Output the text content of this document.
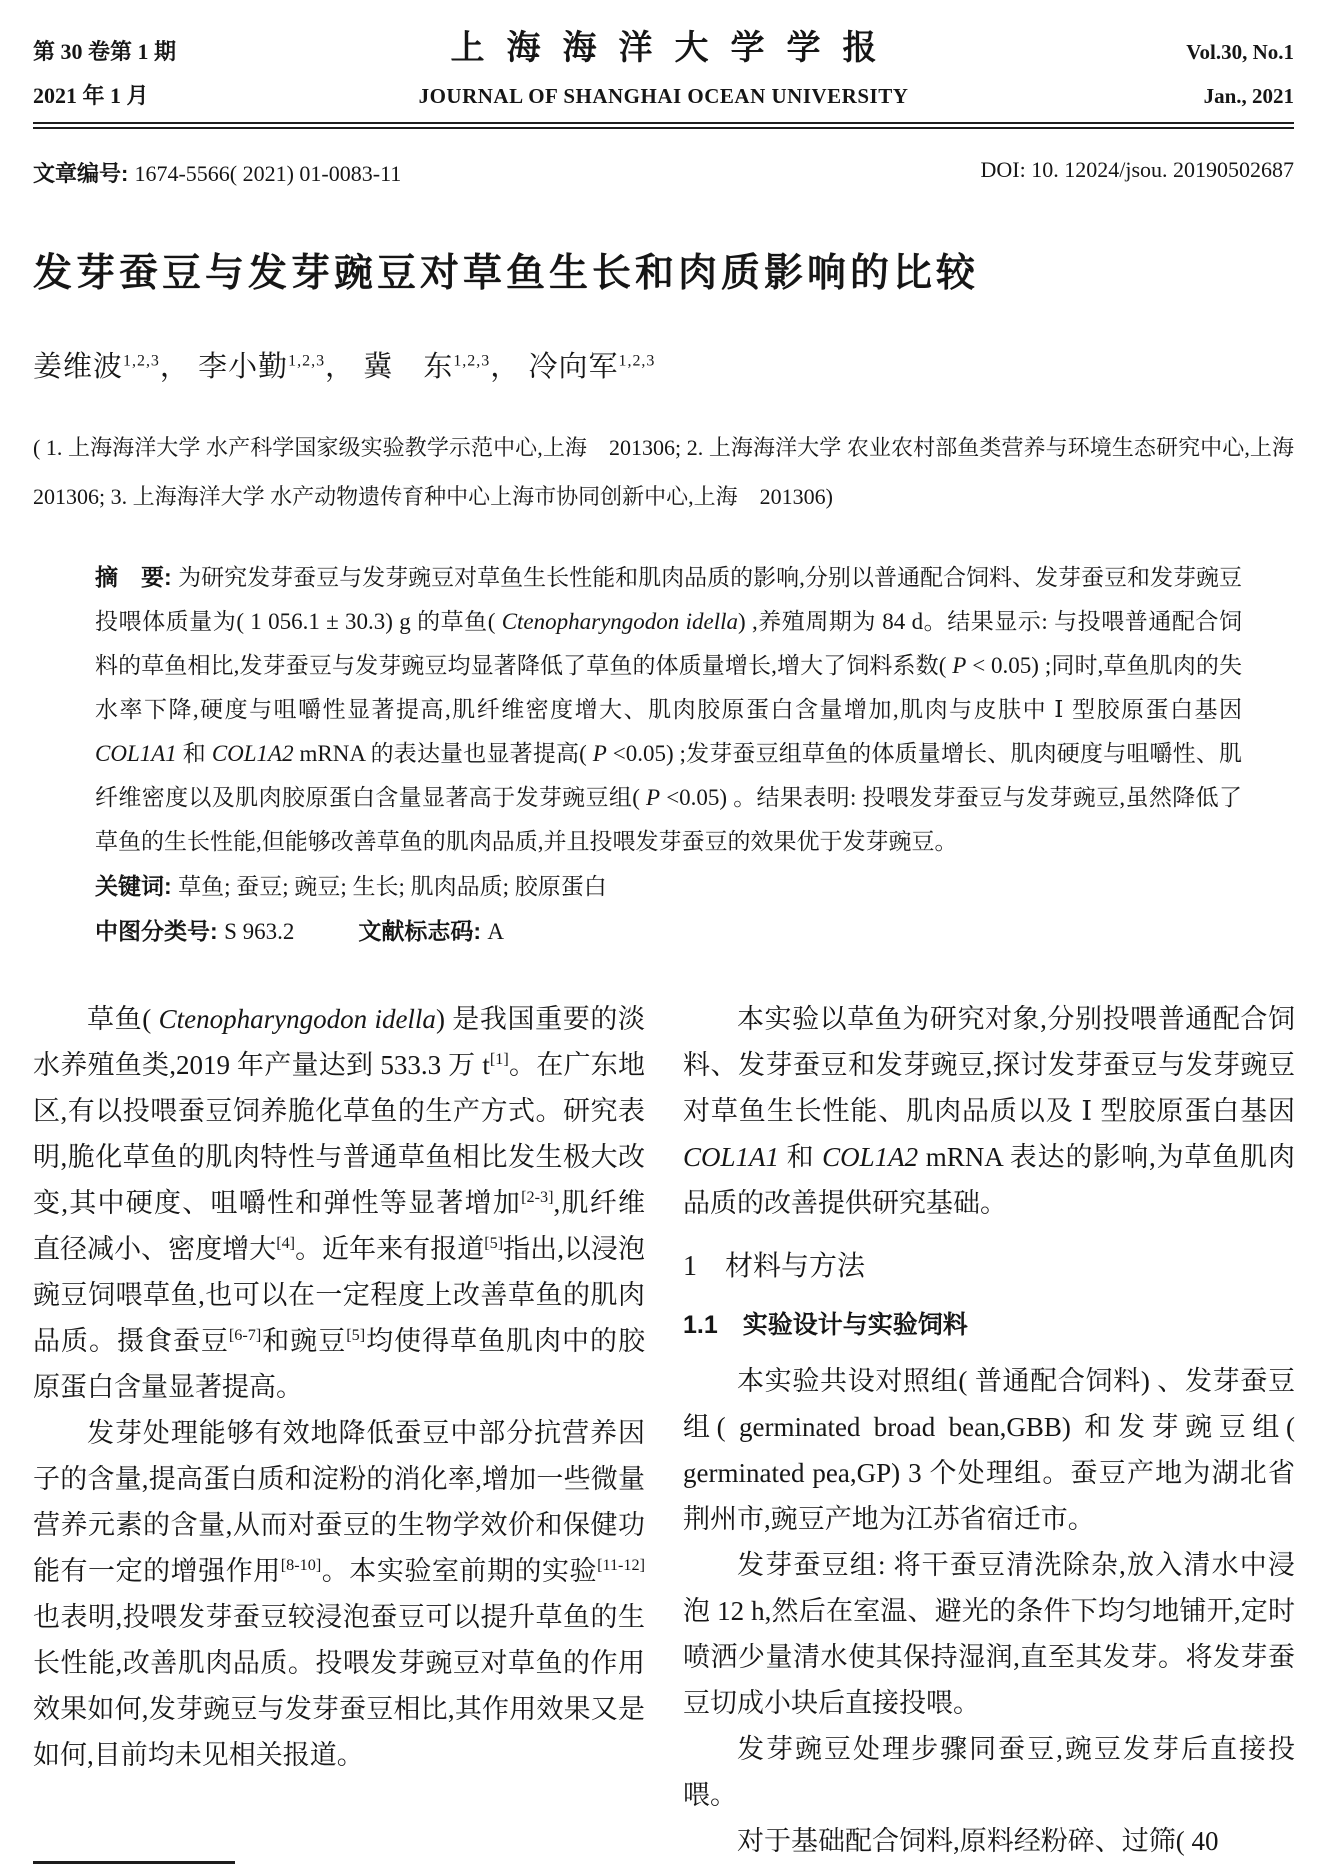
第 30 卷第 1 期	上海海洋大学学报	Vol.30, No.1
2021 年 1 月	JOURNAL OF SHANGHAI OCEAN UNIVERSITY	Jan., 2021
文章编号: 1674-5566( 2021) 01-0083-11	DOI: 10. 12024/jsou. 20190502687
发芽蚕豆与发芽豌豆对草鱼生长和肉质影响的比较
姜维波$^{1,2,3}$， 李小勤$^{1,2,3}$， 冀　东$^{1,2,3}$， 冷向军$^{1,2,3}$
( 1. 上海海洋大学 水产科学国家级实验教学示范中心,上海　201306; 2. 上海海洋大学 农业农村部鱼类营养与环境生态研究中心,上海　201306; 3. 上海海洋大学 水产动物遗传育种中心上海市协同创新中心,上海　201306)

摘　要: 为研究发芽蚕豆与发芽豌豆对草鱼生长性能和肌肉品质的影响,分别以普通配合饲料、发芽蚕豆和发芽豌豆投喂体质量为( 1 056.1 ± 30.3) g 的草鱼( Ctenopharyngodon idella) ,养殖周期为 84 d。结果显示: 与投喂普通配合饲料的草鱼相比,发芽蚕豆与发芽豌豆均显著降低了草鱼的体质量增长,增大了饲料系数( P < 0.05) ;同时,草鱼肌肉的失水率下降,硬度与咀嚼性显著提高,肌纤维密度增大、肌肉胶原蛋白含量增加,肌肉与皮肤中 Ⅰ 型胶原蛋白基因 COL1A1 和 COL1A2 mRNA 的表达量也显著提高( P <0.05) ;发芽蚕豆组草鱼的体质量增长、肌肉硬度与咀嚼性、肌纤维密度以及肌肉胶原蛋白含量显著高于发芽豌豆组( P <0.05) 。结果表明: 投喂发芽蚕豆与发芽豌豆,虽然降低了草鱼的生长性能,但能够改善草鱼的肌肉品质,并且投喂发芽蚕豆的效果优于发芽豌豆。

关键词: 草鱼; 蚕豆; 豌豆; 生长; 肌肉品质; 胶原蛋白

中图分类号: S 963.2	文献标志码: A

草鱼( Ctenopharyngodon idella) 是我国重要的淡水养殖鱼类,2019 年产量达到 533.3 万 t[1]。在广东地区,有以投喂蚕豆饲养脆化草鱼的生产方式。研究表明,脆化草鱼的肌肉特性与普通草鱼相比发生极大改变,其中硬度、咀嚼性和弹性等显著增加[2-3],肌纤维直径减小、密度增大[4]。近年来有报道[5]指出,以浸泡豌豆饲喂草鱼,也可以在一定程度上改善草鱼的肌肉品质。摄食蚕豆[6-7]和豌豆[5]均使得草鱼肌肉中的胶原蛋白含量显著提高。

发芽处理能够有效地降低蚕豆中部分抗营养因子的含量,提高蛋白质和淀粉的消化率,增加一些微量营养元素的含量,从而对蚕豆的生物学效价和保健功能有一定的增强作用[8-10]。本实验室前期的实验[11-12]也表明,投喂发芽蚕豆较浸泡蚕豆可以提升草鱼的生长性能,改善肌肉品质。投喂发芽豌豆对草鱼的作用效果如何,发芽豌豆与发芽蚕豆相比,其作用效果又是如何,目前均未见相关报道。

本实验以草鱼为研究对象,分别投喂普通配合饲料、发芽蚕豆和发芽豌豆,探讨发芽蚕豆与发芽豌豆对草鱼生长性能、肌肉品质以及 Ⅰ 型胶原蛋白基因 COL1A1 和 COL1A2 mRNA 表达的影响,为草鱼肌肉品质的改善提供研究基础。

1　材料与方法
1.1　实验设计与实验饲料

本实验共设对照组( 普通配合饲料) 、发芽蚕豆组( germinated broad bean,GBB) 和发芽豌豆组( germinated pea,GP) 3 个处理组。蚕豆产地为湖北省荆州市,豌豆产地为江苏省宿迁市。

发芽蚕豆组: 将干蚕豆清洗除杂,放入清水中浸泡 12 h,然后在室温、避光的条件下均匀地铺开,定时喷洒少量清水使其保持湿润,直至其发芽。将发芽蚕豆切成小块后直接投喂。

发芽豌豆处理步骤同蚕豆,豌豆发芽后直接投喂。

对于基础配合饲料,原料经粉碎、过筛( 40
